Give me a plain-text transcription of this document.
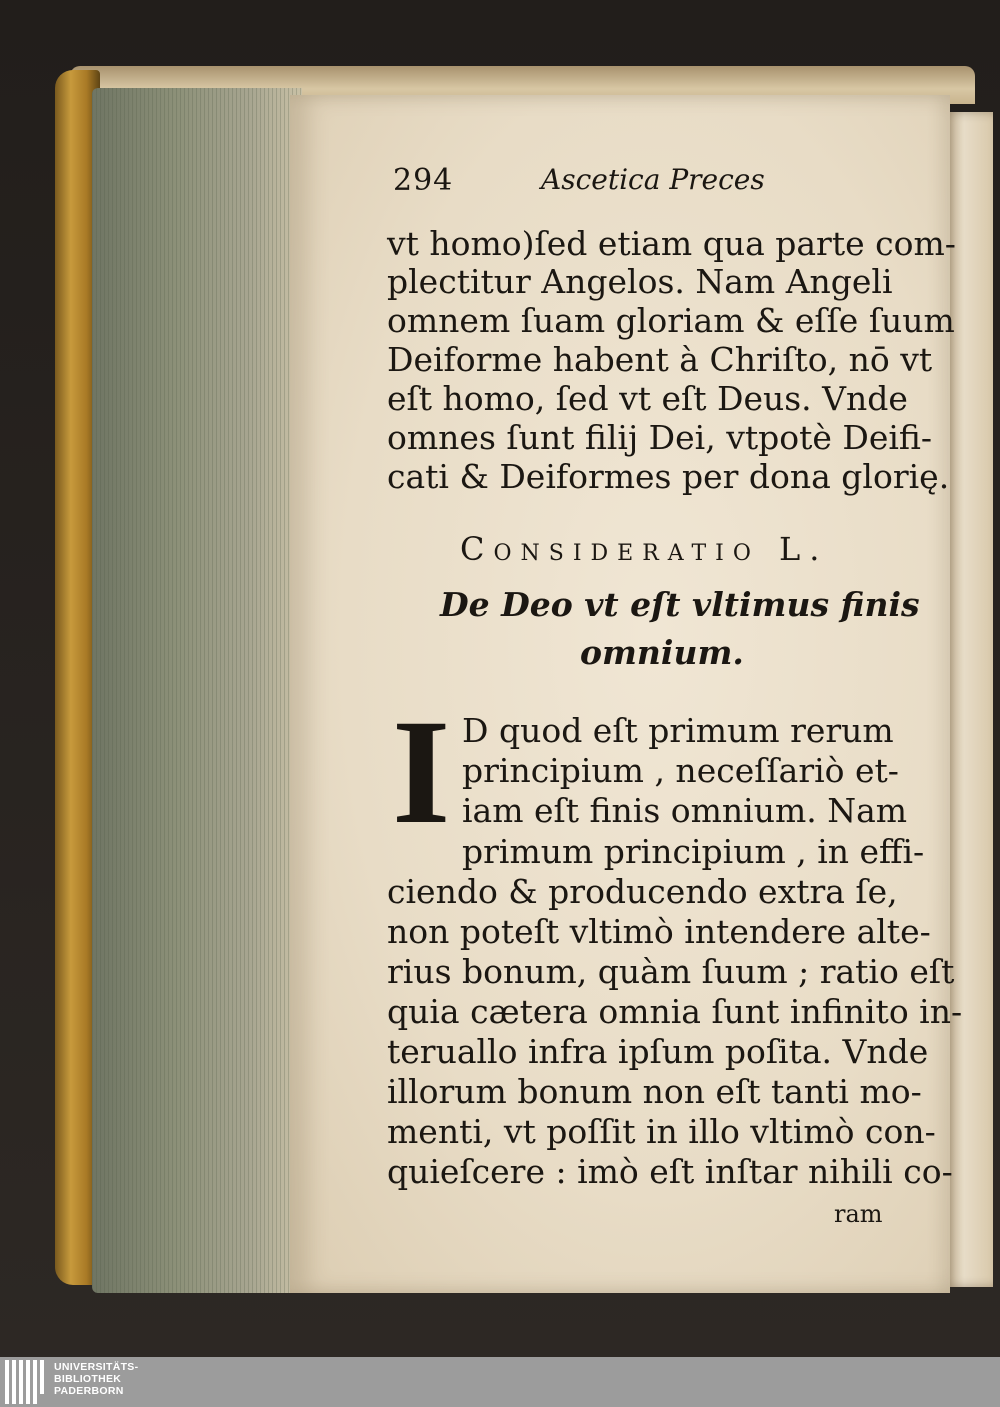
294	Ascetica Preces
vt homo)ſed etiam qua parte com-
plectitur Angelos. Nam Angeli
omnem ſuam gloriam & eſſe ſuum
Deiforme habent à Chriſto, nō vt
eſt homo, ſed vt eſt Deus. Vnde
omnes ſunt filij Dei, vtpotè Deifi-
cati & Deiformes per dona glorię.
Consideratio L.
De Deo vt eſt vltimus finis
omnium.
I D quod eſt primum rerum
principium , neceſſariò et-
iam eſt finis omnium. Nam
primum principium , in effi-
ciendo & producendo extra ſe,
non poteſt vltimò intendere alte-
rius bonum, quàm ſuum ; ratio eſt
quia cætera omnia ſunt infinito in-
teruallo infra ipſum poſita. Vnde
illorum bonum non eſt tanti mo-
menti, vt poſſit in illo vltimò con-
quieſcere : imò eſt inſtar nihili co-
ram
UNIVERSITÄTS-
BIBLIOTHEK
PADERBORN
